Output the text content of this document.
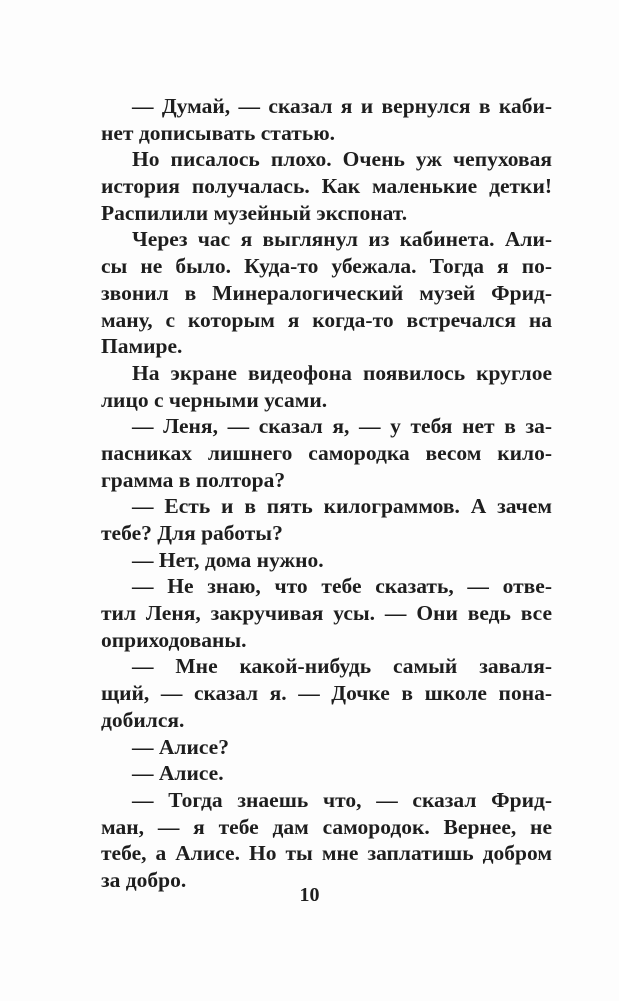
— Думай, — сказал я и вернулся в каби-
нет дописывать статью.
Но писалось плохо. Очень уж чепуховая
история получалась. Как маленькие детки!
Распилили музейный экспонат.
Через час я выглянул из кабинета. Али-
сы не было. Куда-то убежала. Тогда я по-
звонил в Минералогический музей Фрид-
ману, с которым я когда-то встречался на
Памире.
На экране видеофона появилось круглое
лицо с черными усами.
— Леня, — сказал я, — у тебя нет в за-
пасниках лишнего самородка весом кило-
грамма в полтора?
— Есть и в пять килограммов. А зачем
тебе? Для работы?
— Нет, дома нужно.
— Не знаю, что тебе сказать, — отве-
тил Леня, закручивая усы. — Они ведь все
оприходованы.
— Мне какой-нибудь самый заваля-
щий, — сказал я. — Дочке в школе пона-
добился.
— Алисе?
— Алисе.
— Тогда знаешь что, — сказал Фрид-
ман, — я тебе дам самородок. Вернее, не
тебе, а Алисе. Но ты мне заплатишь добром
за добро.
10
